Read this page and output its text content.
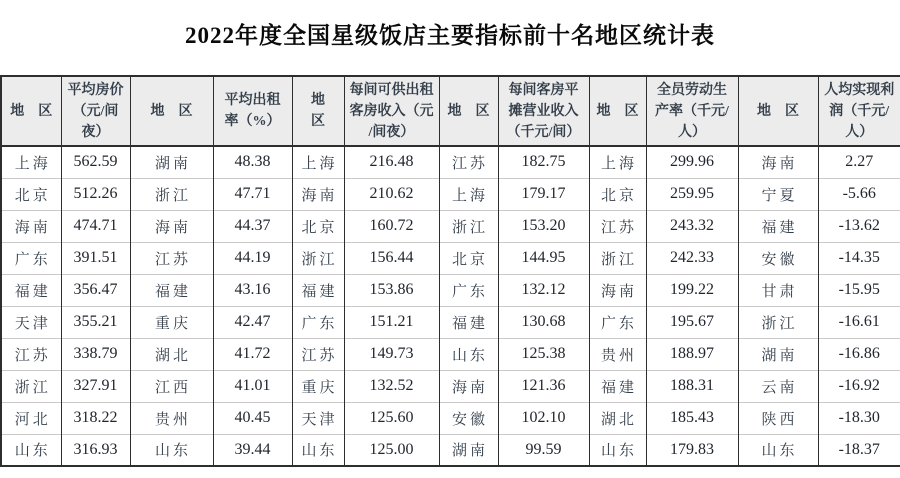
2022年度全国星级饭店主要指标前十名地区统计表
地　区	平均房价（元/间夜）	地　区	平均出租率（%）	地　区	每间可供出租客房收入（元/间夜）	地　区	每间客房平摊营业收入（千元/间）	地　区	全员劳动生产率（千元/人）	地　区	人均实现利润（千元/人）
上海	562.59	湖南	48.38	上海	216.48	江苏	182.75	上海	299.96	海南	2.27
北京	512.26	浙江	47.71	海南	210.62	上海	179.17	北京	259.95	宁夏	-5.66
海南	474.71	海南	44.37	北京	160.72	浙江	153.20	江苏	243.32	福建	-13.62
广东	391.51	江苏	44.19	浙江	156.44	北京	144.95	浙江	242.33	安徽	-14.35
福建	356.47	福建	43.16	福建	153.86	广东	132.12	海南	199.22	甘肃	-15.95
天津	355.21	重庆	42.47	广东	151.21	福建	130.68	广东	195.67	浙江	-16.61
江苏	338.79	湖北	41.72	江苏	149.73	山东	125.38	贵州	188.97	湖南	-16.86
浙江	327.91	江西	41.01	重庆	132.52	海南	121.36	福建	188.31	云南	-16.92
河北	318.22	贵州	40.45	天津	125.60	安徽	102.10	湖北	185.43	陕西	-18.30
山东	316.93	山东	39.44	山东	125.00	湖南	99.59	山东	179.83	山东	-18.37
